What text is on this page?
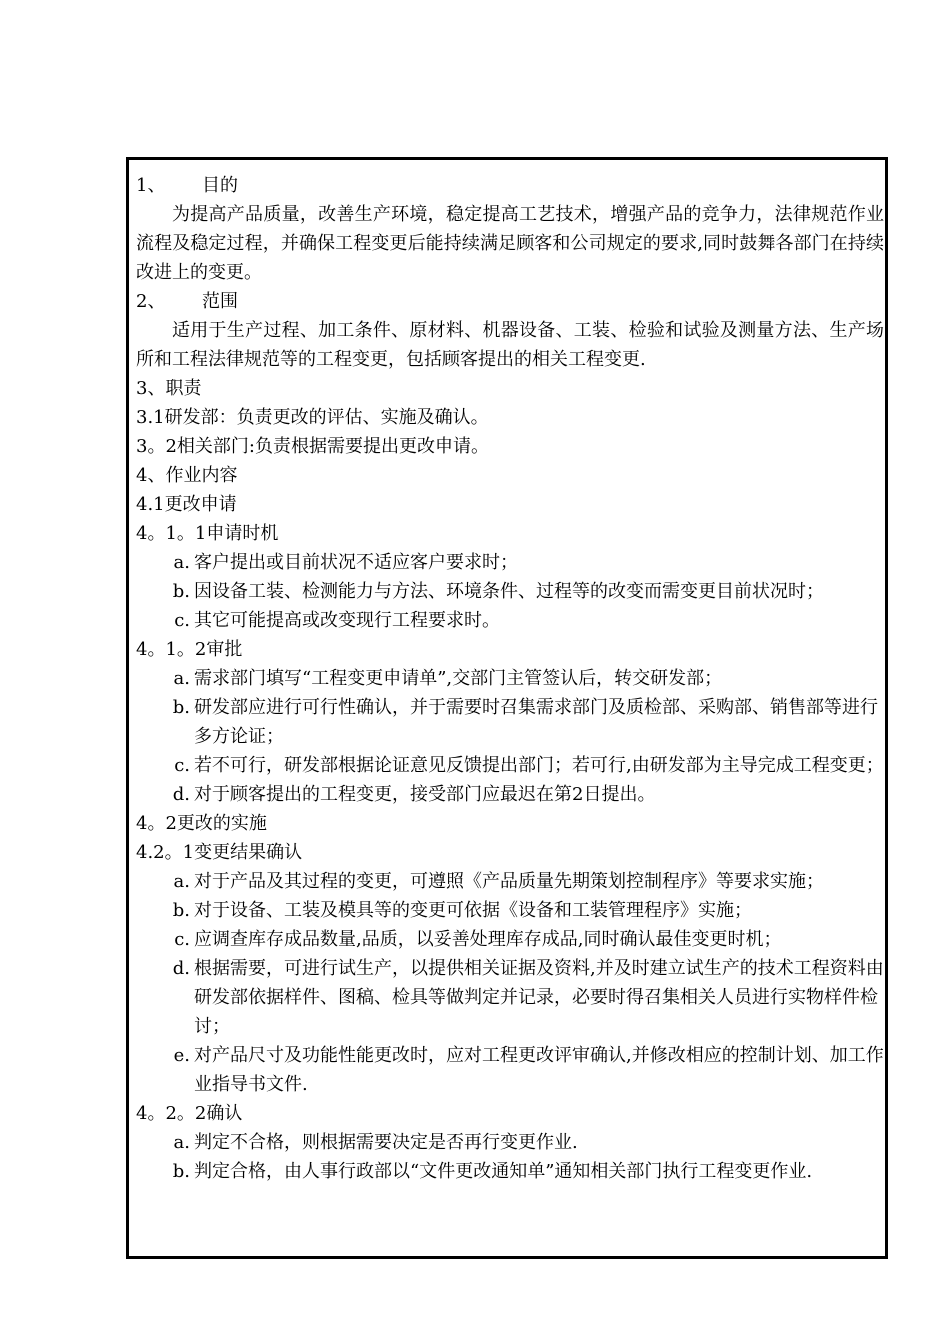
1、 目的
为提高产品质量，改善生产环境，稳定提高工艺技术，增强产品的竞争力，法律规范作业流程及稳定过程，并确保工程变更后能持续满足顾客和公司规定的要求,同时鼓舞各部门在持续改进上的变更。
2、 范围
适用于生产过程、加工条件、原材料、机器设备、工装、检验和试验及测量方法、生产场所和工程法律规范等的工程变更，包括顾客提出的相关工程变更.
3、职责
3.1研发部：负责更改的评估、实施及确认。
3。2相关部门:负责根据需要提出更改申请。
4、作业内容
4.1更改申请
4。1。1申请时机
a. 客户提出或目前状况不适应客户要求时；
b. 因设备工装、检测能力与方法、环境条件、过程等的改变而需变更目前状况时；
c. 其它可能提高或改变现行工程要求时。
4。1。2审批
a. 需求部门填写“工程变更申请单”,交部门主管签认后，转交研发部；
b. 研发部应进行可行性确认，并于需要时召集需求部门及质检部、采购部、销售部等进行多方论证；
c. 若不可行，研发部根据论证意见反馈提出部门；若可行,由研发部为主导完成工程变更；
d. 对于顾客提出的工程变更，接受部门应最迟在第2日提出。
4。2更改的实施
4.2。1变更结果确认
a. 对于产品及其过程的变更，可遵照《产品质量先期策划控制程序》等要求实施；
b. 对于设备、工装及模具等的变更可依据《设备和工装管理程序》实施；
c. 应调查库存成品数量,品质，以妥善处理库存成品,同时确认最佳变更时机；
d. 根据需要，可进行试生产，以提供相关证据及资料,并及时建立试生产的技术工程资料由研发部依据样件、图稿、检具等做判定并记录，必要时得召集相关人员进行实物样件检讨；
e. 对产品尺寸及功能性能更改时，应对工程更改评审确认,并修改相应的控制计划、加工作业指导书文件.
4。2。2确认
a. 判定不合格，则根据需要决定是否再行变更作业.
b. 判定合格，由人事行政部以“文件更改通知单”通知相关部门执行工程变更作业.
